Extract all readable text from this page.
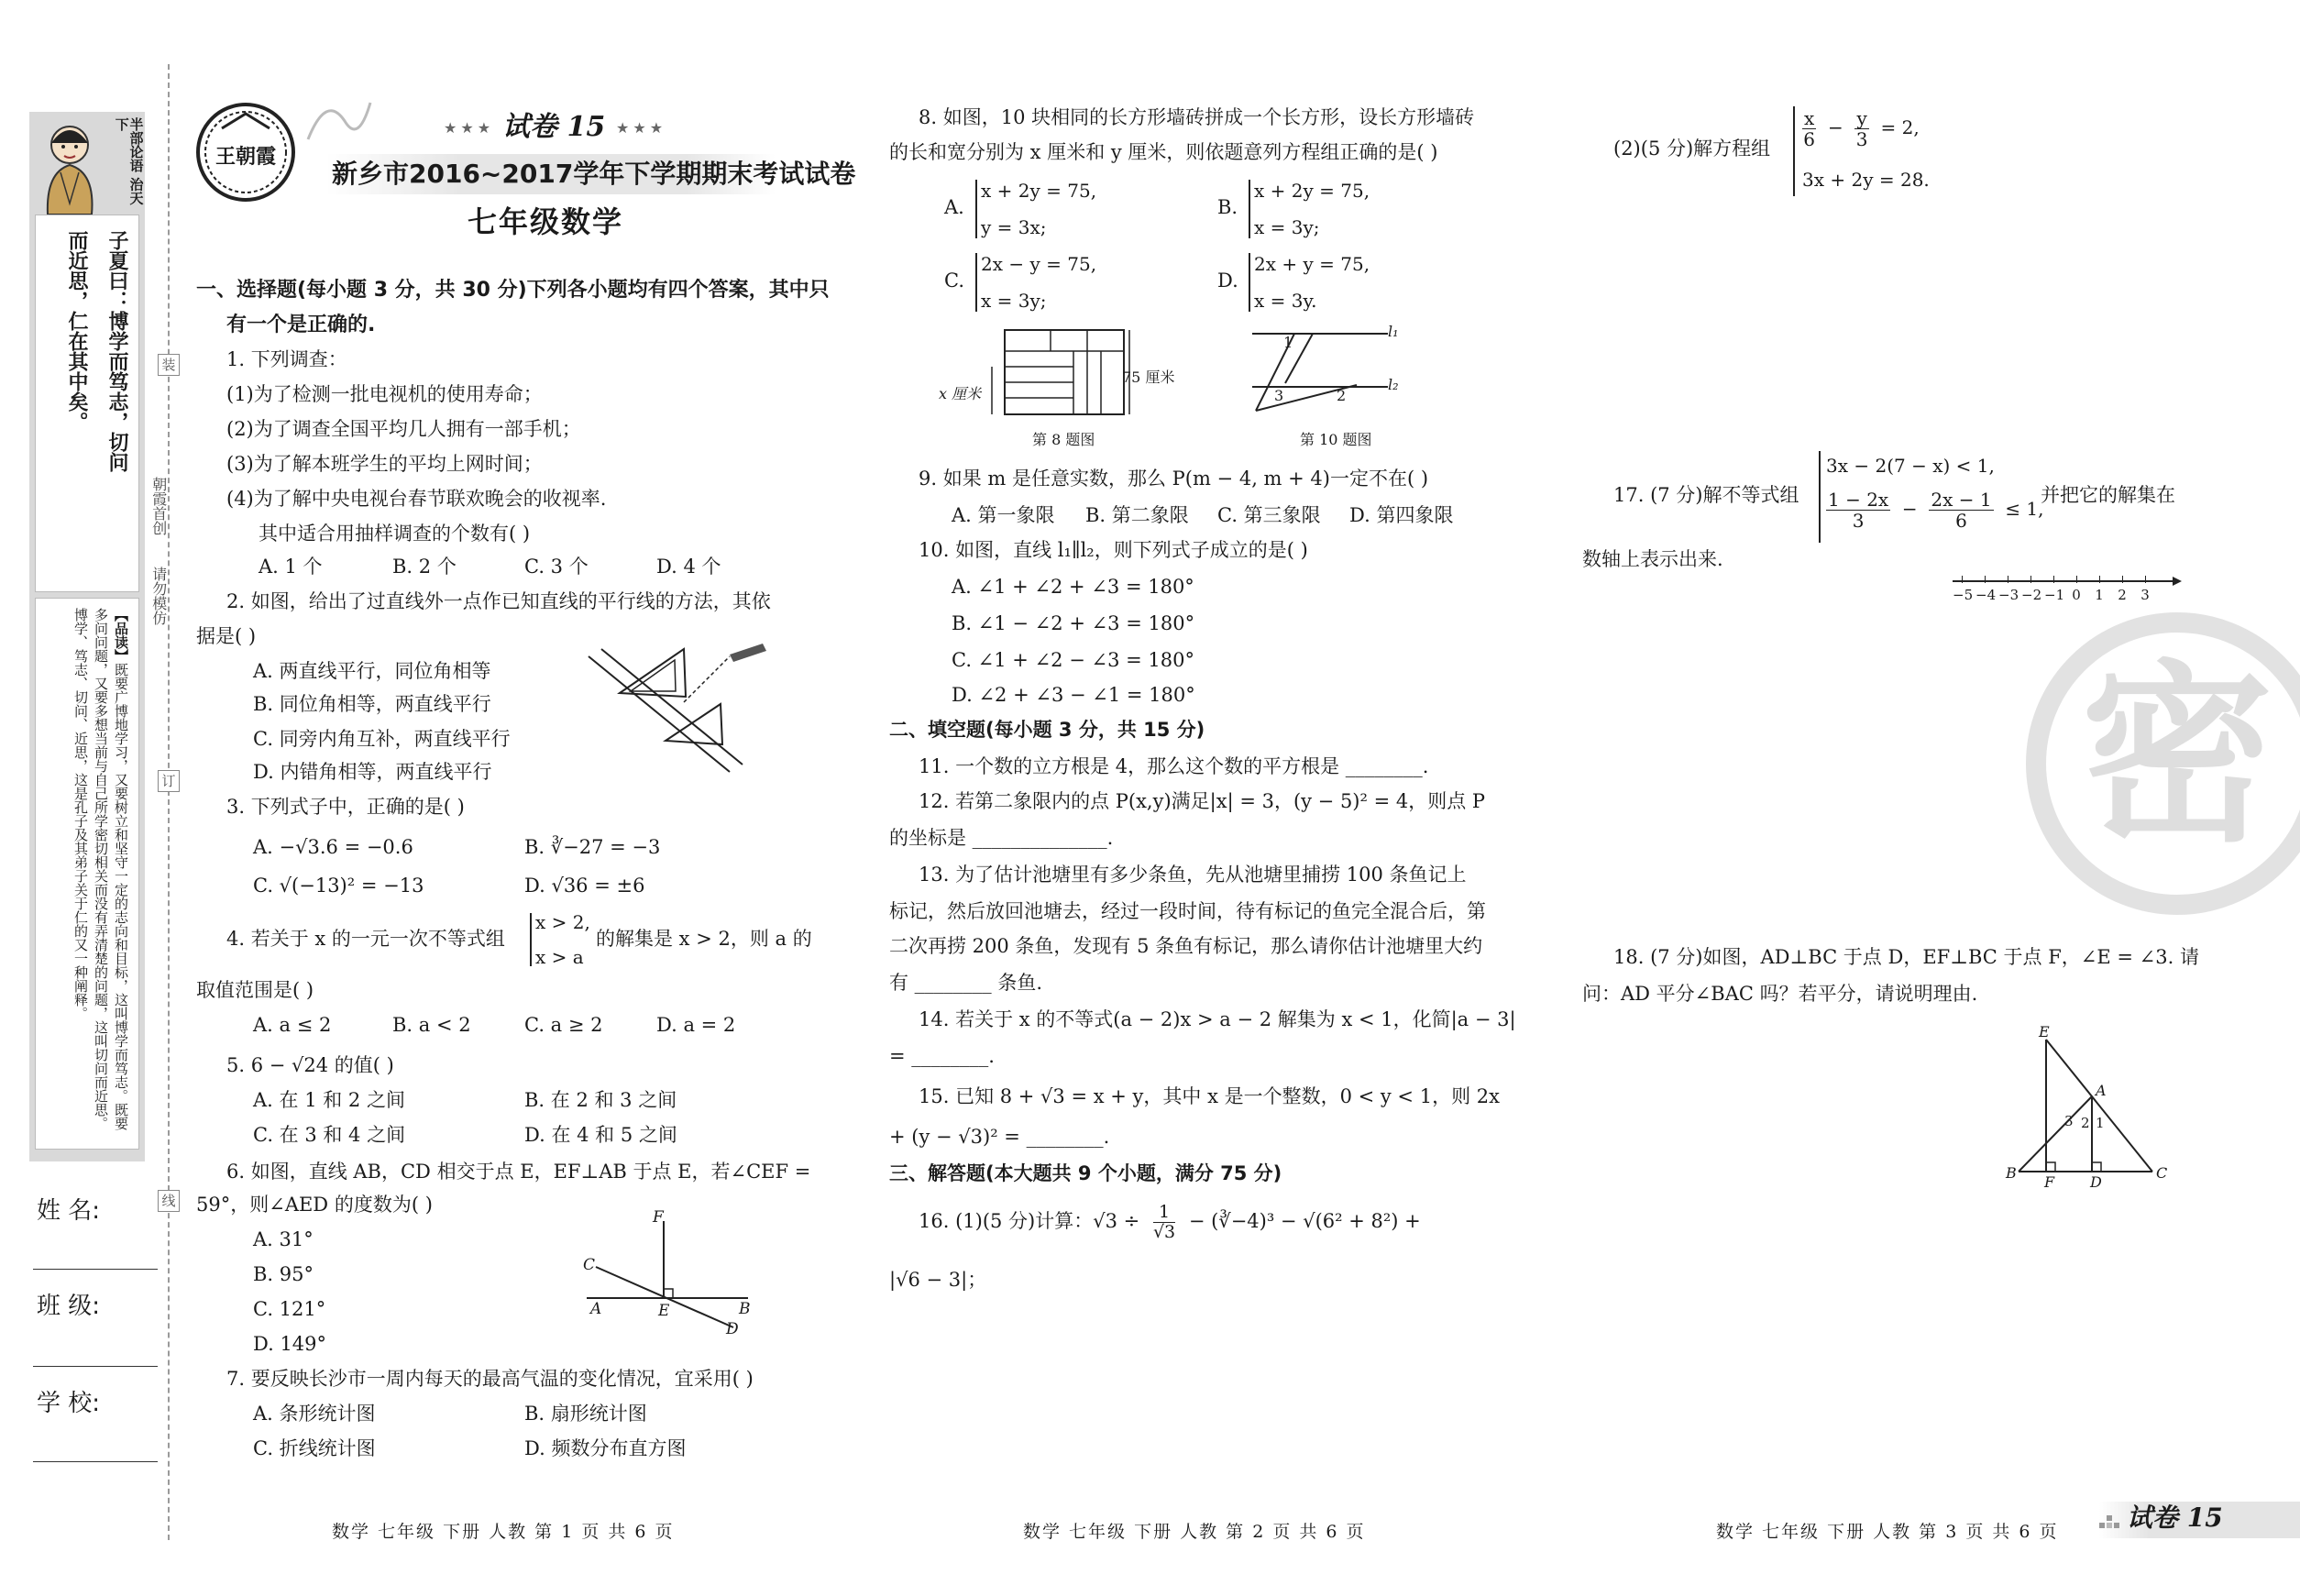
装
订
线
朝霞首创
请勿模仿
半部论语 治天下
子夏曰：博学而笃志，切问
而近思，仁在其中矣。
【品读】既要广博地学习，又要树立和坚守一定的志向和目标，这叫博学而笃志。既要多问问题，又要多想当前与自己所学密切相关而没有弄清楚的问题，这叫切问而近思。博学、笃志、切问、近思，这是孔子及其弟子关于仁的又一种阐释。
姓 名:
班 级:
学 校:
王朝霞
★★★ 试卷 15 ★★★
新乡市2016~2017学年下学期期末考试试卷
七年级数学
一、选择题(每小题 3 分，共 30 分)下列各小题均有四个答案，其中只
有一个是正确的.
1. 下列调查：
(1)为了检测一批电视机的使用寿命；
(2)为了调查全国平均几人拥有一部手机；
(3)为了解本班学生的平均上网时间；
(4)为了解中央电视台春节联欢晚会的收视率.
其中适合用抽样调查的个数有( )
A. 1 个	B. 2 个	C. 3 个	D. 4 个
2. 如图，给出了过直线外一点作已知直线的平行线的方法，其依
据是( )
A. 两直线平行，同位角相等
B. 同位角相等，两直线平行
C. 同旁内角互补，两直线平行
D. 内错角相等，两直线平行
3. 下列式子中，正确的是( )
A. −√3.6 = −0.6	B. ∛−27 = −3
C. √(−13)² = −13	D. √36 = ±6
4. 若关于 x 的一元一次不等式组
x > 2,
x > a
的解集是 x > 2，则 a 的
取值范围是( )
A. a ≤ 2	B. a < 2	C. a ≥ 2	D. a = 2
5. 6 − √24 的值( )
A. 在 1 和 2 之间	B. 在 2 和 3 之间
C. 在 3 和 4 之间	D. 在 4 和 5 之间
6. 如图，直线 AB，CD 相交于点 E，EF⊥AB 于点 E，若∠CEF =
59°，则∠AED 的度数为( )
A. 31°
B. 95°
C. 121°
D. 149°
F
C
A	E	B
D
7. 要反映长沙市一周内每天的最高气温的变化情况，宜采用( )
A. 条形统计图	B. 扇形统计图
C. 折线统计图	D. 频数分布直方图
数学 七年级 下册 人教 第 1 页 共 6 页
8. 如图，10 块相同的长方形墙砖拼成一个长方形，设长方形墙砖
的长和宽分别为 x 厘米和 y 厘米，则依题意列方程组正确的是( )
A.
x + 2y = 75,
y = 3x;
B.
x + 2y = 75,
x = 3y;
C.
2x − y = 75,
x = 3y;
D.
2x + y = 75,
x = 3y.
x 厘米
75 厘米
第 8 题图
l₁
l₂
1
2
3
第 10 题图
9. 如果 m 是任意实数，那么 P(m − 4, m + 4)一定不在( )
A. 第一象限 B. 第二象限 C. 第三象限 D. 第四象限
10. 如图，直线 l₁∥l₂，则下列式子成立的是( )
A. ∠1 + ∠2 + ∠3 = 180°
B. ∠1 − ∠2 + ∠3 = 180°
C. ∠1 + ∠2 − ∠3 = 180°
D. ∠2 + ∠3 − ∠1 = 180°
二、填空题(每小题 3 分，共 15 分)
11. 一个数的立方根是 4，那么这个数的平方根是 ________.
12. 若第二象限内的点 P(x,y)满足|x| = 3，(y − 5)² = 4，则点 P
的坐标是 ______________.
13. 为了估计池塘里有多少条鱼，先从池塘里捕捞 100 条鱼记上
标记，然后放回池塘去，经过一段时间，待有标记的鱼完全混合后，第
二次再捞 200 条鱼，发现有 5 条鱼有标记，那么请你估计池塘里大约
有 ________ 条鱼.
14. 若关于 x 的不等式(a − 2)x > a − 2 解集为 x < 1，化简|a − 3|
= ________.
15. 已知 8 + √3 = x + y，其中 x 是一个整数，0 < y < 1，则 2x
+ (y − √3)² = ________.
三、解答题(本大题共 9 个小题，满分 75 分)
16. (1)(5 分)计算：$√3 \div \frac{1}{√3}$ − (∛−4)³ − √(6² + 8²) +
|√6 − 3|；
数学 七年级 下册 人教 第 2 页 共 6 页
(2)(5 分)解方程组 $\frac{x}{6} - \frac{y}{3} = 2$,
3x + 2y = 28.
17. (7 分)解不等式组
3x − 2(7 − x) < 1,
$\frac{1 - 2x}{3} - \frac{2x - 1}{6} \le 1$,
并把它的解集在
数轴上表示出来.
−5 −4 −3 −2 −1 0	1	2	3
18. (7 分)如图，AD⊥BC 于点 D，EF⊥BC 于点 F，∠E = ∠3. 请
问：AD 平分∠BAC 吗？若平分，请说明理由.
E
A
3 2 1
B
F D
C
密
数学 七年级 下册 人教 第 3 页 共 6 页	试卷 15
